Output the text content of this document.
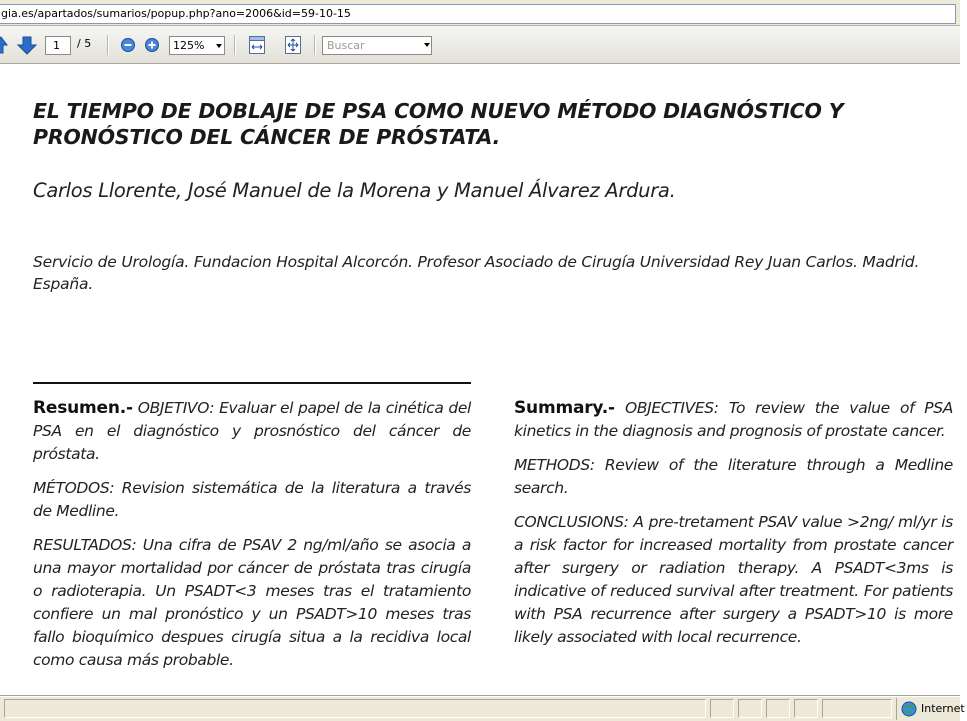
gia.es/apartados/sumarios/popup.php?ano=2006&id=59-10-15
1	/ 5	125%	Buscar
EL TIEMPO DE DOBLAJE DE PSA COMO NUEVO MÉTODO DIAGNÓSTICO Y PRONÓSTICO DEL CÁNCER DE PRÓSTATA.
Carlos Llorente, José Manuel de la Morena y Manuel Álvarez Ardura.
Servicio de Urología. Fundacion Hospital Alcorcón. Profesor Asociado de Cirugía Universidad Rey Juan Carlos. Madrid. España.

Resumen.- OBJETIVO: Evaluar el papel de la cinética del PSA en el diagnóstico y prosnóstico del cáncer de próstata.

MÉTODOS: Revision sistemática de la literatura a través de Medline.

RESULTADOS: Una cifra de PSAV 2 ng/ml/año se asocia a una mayor mortalidad por cáncer de próstata tras cirugía o radioterapia. Un PSADT<3 meses tras el tratamiento confiere un mal pronóstico y un PSADT>10 meses tras fallo bioquímico despues cirugía situa a la recidiva local como causa más probable.

Summary.- OBJECTIVES: To review the value of PSA kinetics in the diagnosis and prognosis of prostate cancer.

METHODS: Review of the literature through a Medline search.

CONCLUSIONS: A pre-tretament PSAV value >2ng/ ml/yr is a risk factor for increased mortality from prostate cancer after surgery or radiation therapy. A PSADT<3ms is indicative of reduced survival after treatment. For patients with PSA recurrence after surgery a PSADT>10 is more likely associated with local recurrence.

Internet
